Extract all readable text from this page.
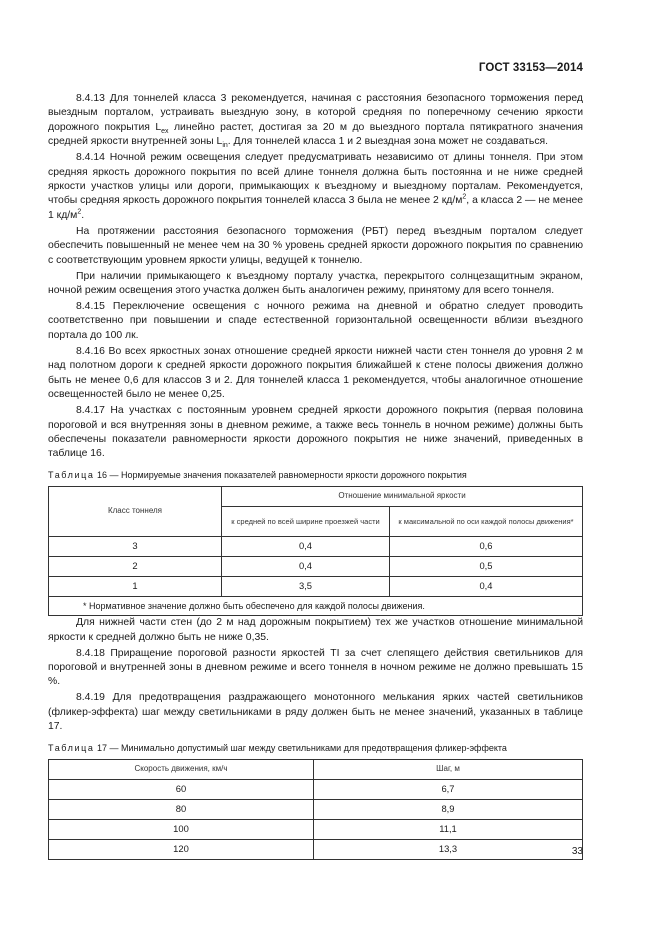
ГОСТ 33153—2014

8.4.13 Для тоннелей класса 3 рекомендуется, начиная с расстояния безопасного торможения перед выездным порталом, устраивать выездную зону, в которой средняя по поперечному сечению яркости дорожного покрытия $L_{ex}$ линейно растет, достигая за 20 м до выездного портала пятикратного значения средней яркости внутренней зоны $L_{in}$. Для тоннелей класса 1 и 2 выездная зона может не создаваться.

8.4.14 Ночной режим освещения следует предусматривать независимо от длины тоннеля. При этом средняя яркость дорожного покрытия по всей длине тоннеля должна быть постоянна и не ниже средней яркости участков улицы или дороги, примыкающих к въездному и выездному порталам. Рекомендуется, чтобы средняя яркость дорожного покрытия тоннелей класса 3 была не менее 2 $кд/м^2$, а класса 2 — не менее 1 $кд/м^2$.

На протяжении расстояния безопасного торможения (РБТ) перед въездным порталом следует обеспечить повышенный не менее чем на 30 % уровень средней яркости дорожного покрытия по сравнению с соответствующим уровнем яркости улицы, ведущей к тоннелю.

При наличии примыкающего к въездному порталу участка, перекрытого солнцезащитным экраном, ночной режим освещения этого участка должен быть аналогичен режиму, принятому для всего тоннеля.

8.4.15 Переключение освещения с ночного режима на дневной и обратно следует проводить соответственно при повышении и спаде естественной горизонтальной освещенности вблизи въездного портала до 100 лк.

8.4.16 Во всех яркостных зонах отношение средней яркости нижней части стен тоннеля до уровня 2 м над полотном дороги к средней яркости дорожного покрытия ближайшей к стене полосы движения должно быть не менее 0,6 для классов 3 и 2. Для тоннелей класса 1 рекомендуется, чтобы аналогичное отношение освещенностей было не менее 0,25.

8.4.17 На участках с постоянным уровнем средней яркости дорожного покрытия (первая половина пороговой и вся внутренняя зоны в дневном режиме, а также весь тоннель в ночном режиме) должны быть обеспечены показатели равномерности яркости дорожного покрытия не ниже значений, приведенных в таблице 16.

Таблица 16 — Нормируемые значения показателей равномерности яркости дорожного покрытия
Класс тоннеля	Отношение минимальной яркости	
	к средней по всей ширине проезжей части	к максимальной по оси каждой полосы движения*
3	0,4	0,6
2	0,4	0,5
1	3,5	0,4
* Нормативное значение должно быть обеспечено для каждой полосы движения.		

Для нижней части стен (до 2 м над дорожным покрытием) тех же участков отношение минимальной яркости к средней должно быть не ниже 0,35.

8.4.18 Приращение пороговой разности яркостей TI за счет слепящего действия светильников для пороговой и внутренней зоны в дневном режиме и всего тоннеля в ночном режиме не должно превышать 15 %.

8.4.19 Для предотвращения раздражающего монотонного мелькания ярких частей светильников (фликер-эффекта) шаг между светильниками в ряду должен быть не менее значений, указанных в таблице 17.

Таблица 17 — Минимально допустимый шаг между светильниками для предотвращения фликер-эффекта
Скорость движения, км/ч	Шаг, м
60	6,7
80	8,9
100	11,1
120	13,3	33
